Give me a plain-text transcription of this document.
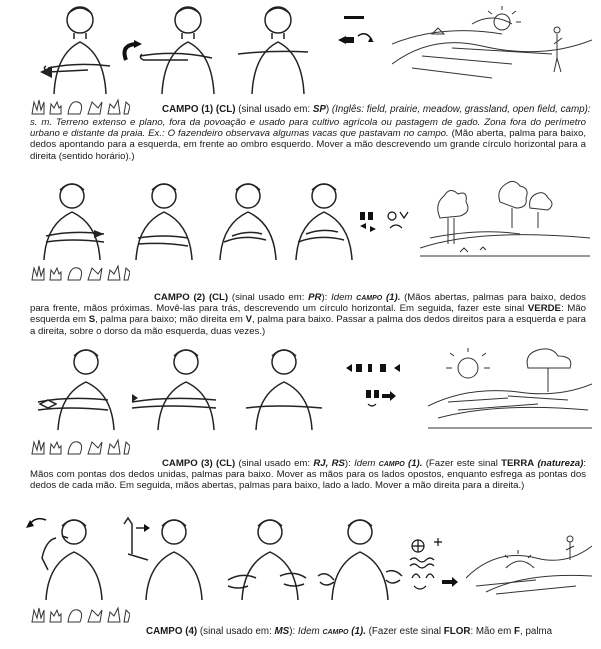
CAMPO (1) (CL) (sinal usado em: SP) (Inglês: field, prairie, meadow, grassland, open field, camp):

s. m. Terreno extenso e plano, fora da povoação e usado para cultivo agrícola ou pastagem de gado. Zona fora do perímetro urbano e distante da praia. Ex.: O fazendeiro observava algumas vacas que pastavam no campo. (Mão aberta, palma para baixo, dedos apontando para a esquerda, em frente ao ombro esquerdo. Mover a mão descrevendo um grande círculo horizontal para a direita (sentido horário).)

CAMPO (2) (CL) (sinal usado em: PR): Idem campo (1). (Mãos abertas, palmas para baixo, dedos para frente, mãos próximas. Movê-las para trás, descrevendo um círculo horizontal. Em seguida, fazer este sinal VERDE: Mão esquerda em S, palma para baixo; mão direita em V, palma para baixo. Passar a palma dos dedos direitos para a esquerda e para a direita, sobre o dorso da mão esquerda, duas vezes.)

CAMPO (3) (CL) (sinal usado em: RJ, RS): Idem campo (1). (Fazer este sinal TERRA (natureza): Mãos com pontas dos dedos unidas, palmas para baixo. Mover as mãos para os lados opostos, enquanto esfrega as pontas dos dedos de cada mão. Em seguida, mãos abertas, palmas para baixo, lado a lado. Mover a mão direita para a direita.)

CAMPO (4) (sinal usado em: MS): Idem campo (1). (Fazer este sinal FLOR: Mão em F, palma
